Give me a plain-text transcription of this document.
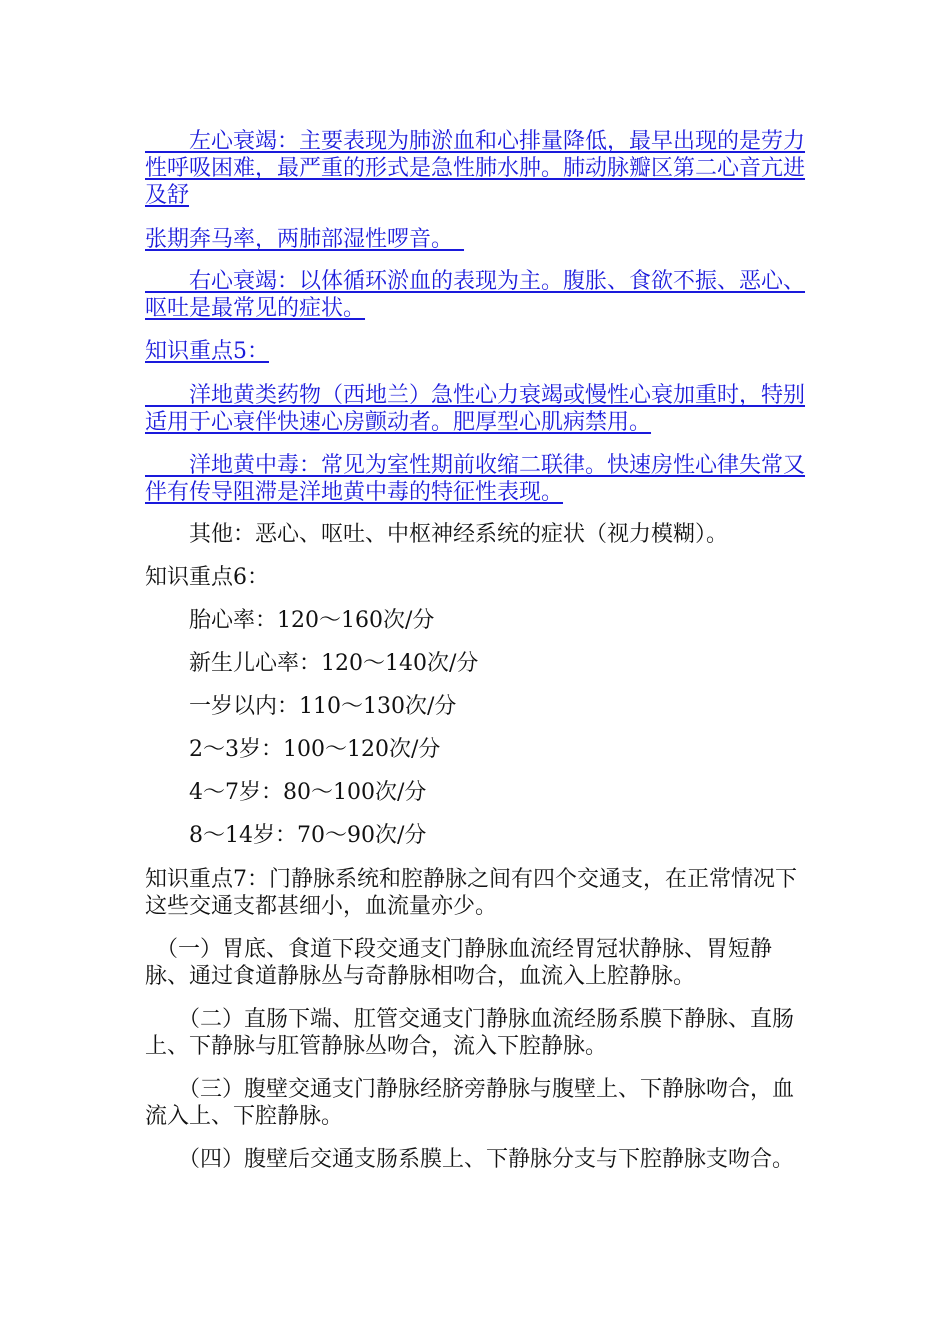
　　左心衰竭：主要表现为肺淤血和心排量降低，最早出现的是劳力性呼吸困难，最严重的形式是急性肺水肿。肺动脉瓣区第二心音亢进及舒

张期奔马率，两肺部湿性啰音。　

　　右心衰竭：以体循环淤血的表现为主。腹胀、食欲不振、恶心、呕吐是最常见的症状。

知识重点5：

　　洋地黄类药物（西地兰）急性心力衰竭或慢性心衰加重时，特别适用于心衰伴快速心房颤动者。肥厚型心肌病禁用。

　　洋地黄中毒：常见为室性期前收缩二联律。快速房性心律失常又伴有传导阻滞是洋地黄中毒的特征性表现。

　　其他：恶心、呕吐、中枢神经系统的症状（视力模糊）。

知识重点6：

　　胎心率：120～160次/分

　　新生儿心率：120～140次/分

　　一岁以内：110～130次/分

　　2～3岁：100～120次/分

　　4～7岁：80～100次/分

　　8～14岁：70～90次/分

知识重点7：门静脉系统和腔静脉之间有四个交通支，在正常情况下这些交通支都甚细小，血流量亦少。

　（一）胃底、食道下段交通支门静脉血流经胃冠状静脉、胃短静脉、通过食道静脉丛与奇静脉相吻合，血流入上腔静脉。

　　（二）直肠下端、肛管交通支门静脉血流经肠系膜下静脉、直肠上、下静脉与肛管静脉丛吻合，流入下腔静脉。

　　（三）腹壁交通支门静脉经脐旁静脉与腹壁上、下静脉吻合，血流入上、下腔静脉。

　　（四）腹壁后交通支肠系膜上、下静脉分支与下腔静脉支吻合。
